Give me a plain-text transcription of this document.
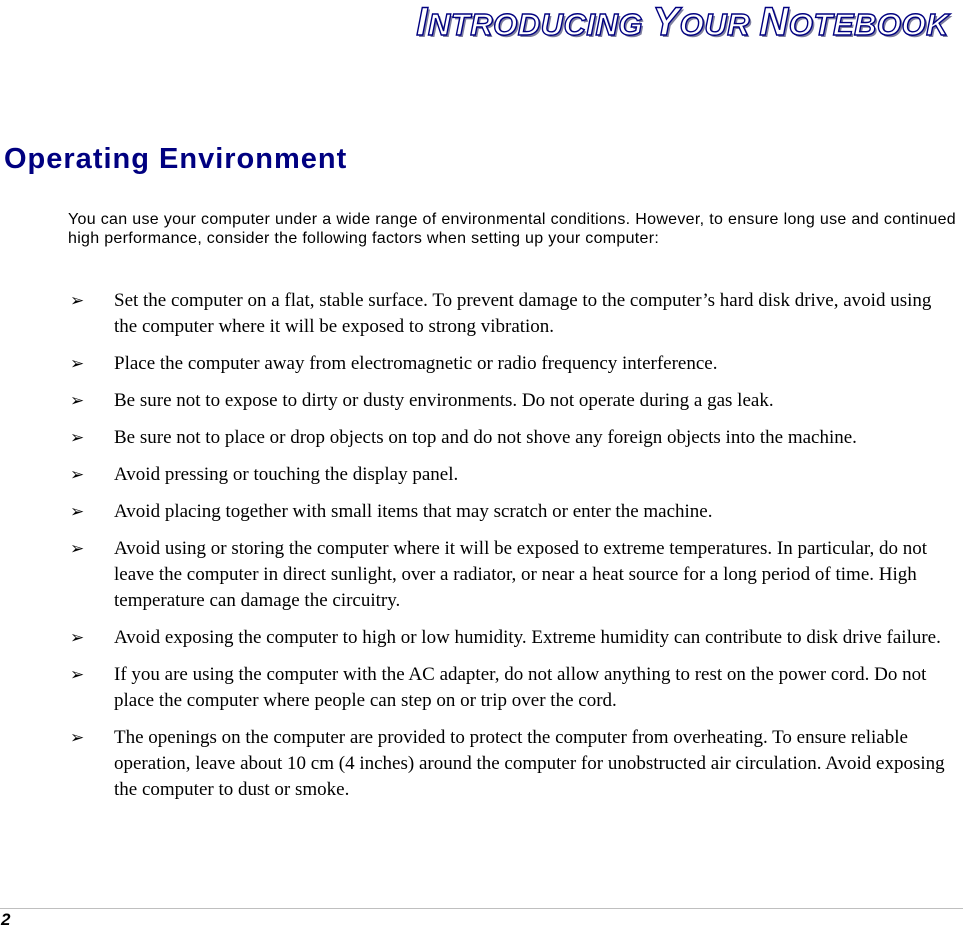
INTRODUCING YOUR NOTEBOOK
Operating Environment

You can use your computer under a wide range of environmental conditions. However, to ensure long use and continued high performance, consider the following factors when setting up your computer:

➢ Set the computer on a flat, stable surface. To prevent damage to the computer’s hard disk drive, avoid using the computer where it will be exposed to strong vibration.
➢ Place the computer away from electromagnetic or radio frequency interference.
➢ Be sure not to expose to dirty or dusty environments. Do not operate during a gas leak.
➢ Be sure not to place or drop objects on top and do not shove any foreign objects into the machine.
➢ Avoid pressing or touching the display panel.
➢ Avoid placing together with small items that may scratch or enter the machine.
➢ Avoid using or storing the computer where it will be exposed to extreme temperatures. In particular, do not leave the computer in direct sunlight, over a radiator, or near a heat source for a long period of time. High temperature can damage the circuitry.
➢ Avoid exposing the computer to high or low humidity. Extreme humidity can contribute to disk drive failure.
➢ If you are using the computer with the AC adapter, do not allow anything to rest on the power cord. Do not place the computer where people can step on or trip over the cord.
➢ The openings on the computer are provided to protect the computer from overheating. To ensure reliable operation, leave about 10 cm (4 inches) around the computer for unobstructed air circulation. Avoid exposing the computer to dust or smoke.

2
